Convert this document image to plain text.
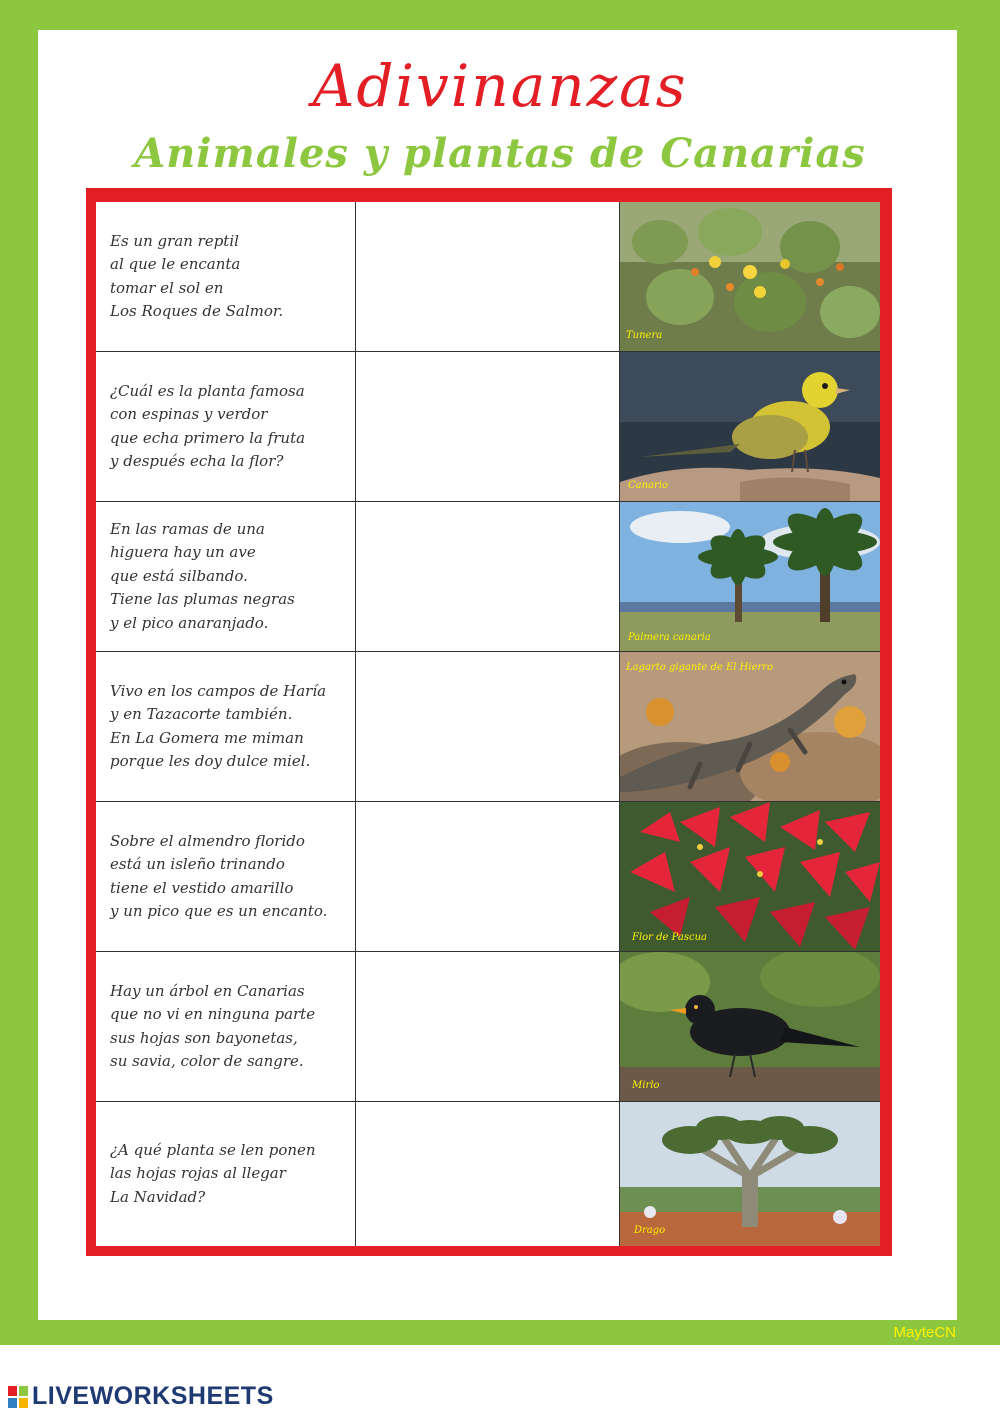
Adivinanzas
Animales y plantas de Canarias
Es un gran reptil
al que le encanta
tomar el sol en
Los Roques de Salmor.
Tunera
¿Cuál es la planta famosa
con espinas y verdor
que echa primero la fruta
y después echa la flor?
Canario
En las ramas de una
higuera hay un ave
que está silbando.
Tiene las plumas negras
y el pico anaranjado.
Palmera canaria
Vivo en los campos de Haría
y en Tazacorte también.
En La Gomera me miman
porque les doy dulce miel.
Lagarto gigante de El Hierro
Sobre el almendro florido
está un isleño trinando
tiene el vestido amarillo
y un pico que es un encanto.
Flor de Pascua
Hay un árbol en Canarias
que no vi en ninguna parte
sus hojas son bayonetas,
su savia, color de sangre.
Mirlo
¿A qué planta se len ponen
las hojas rojas al llegar
La Navidad?
Drago
MayteCN
LIVEWORKSHEETS
